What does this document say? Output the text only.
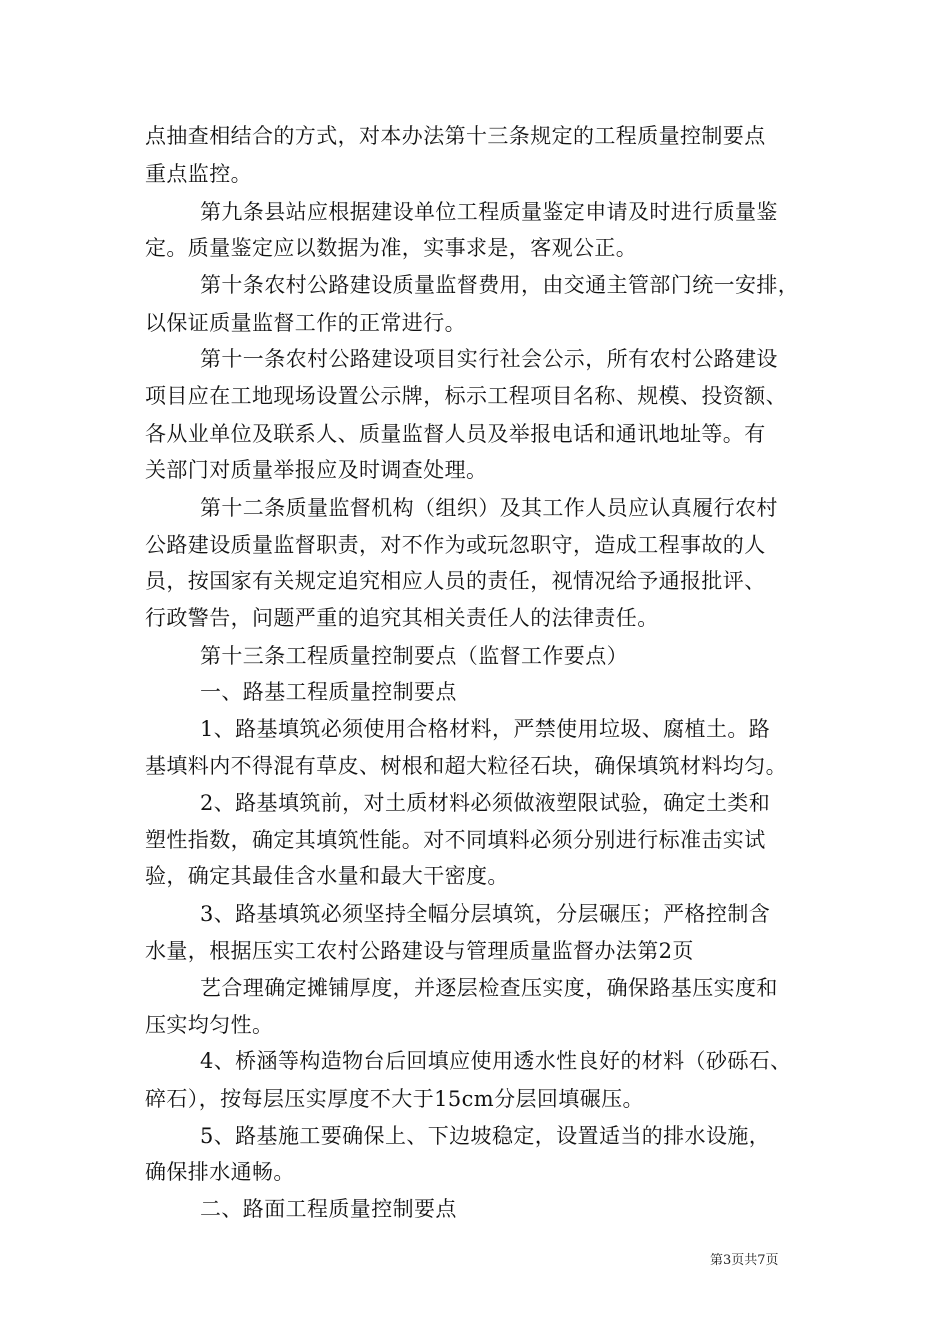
点抽查相结合的方式，对本办法第十三条规定的工程质量控制要点
重点监控。
第九条县站应根据建设单位工程质量鉴定申请及时进行质量鉴
定。质量鉴定应以数据为准，实事求是，客观公正。
第十条农村公路建设质量监督费用，由交通主管部门统一安排，
以保证质量监督工作的正常进行。
第十一条农村公路建设项目实行社会公示，所有农村公路建设
项目应在工地现场设置公示牌，标示工程项目名称、规模、投资额、
各从业单位及联系人、质量监督人员及举报电话和通讯地址等。有
关部门对质量举报应及时调查处理。
第十二条质量监督机构（组织）及其工作人员应认真履行农村
公路建设质量监督职责，对不作为或玩忽职守，造成工程事故的人
员，按国家有关规定追究相应人员的责任，视情况给予通报批评、
行政警告，问题严重的追究其相关责任人的法律责任。
第十三条工程质量控制要点（监督工作要点）
一、路基工程质量控制要点
1、路基填筑必须使用合格材料，严禁使用垃圾、腐植土。路
基填料内不得混有草皮、树根和超大粒径石块，确保填筑材料均匀。
2、路基填筑前，对土质材料必须做液塑限试验，确定土类和
塑性指数，确定其填筑性能。对不同填料必须分别进行标准击实试
验，确定其最佳含水量和最大干密度。
3、路基填筑必须坚持全幅分层填筑，分层碾压；严格控制含
水量，根据压实工农村公路建设与管理质量监督办法第2页
艺合理确定摊铺厚度，并逐层检查压实度，确保路基压实度和
压实均匀性。
4、桥涵等构造物台后回填应使用透水性良好的材料（砂砾石、
碎石），按每层压实厚度不大于15cm分层回填碾压。
5、路基施工要确保上、下边坡稳定，设置适当的排水设施，
确保排水通畅。
二、路面工程质量控制要点
第3页共7页
